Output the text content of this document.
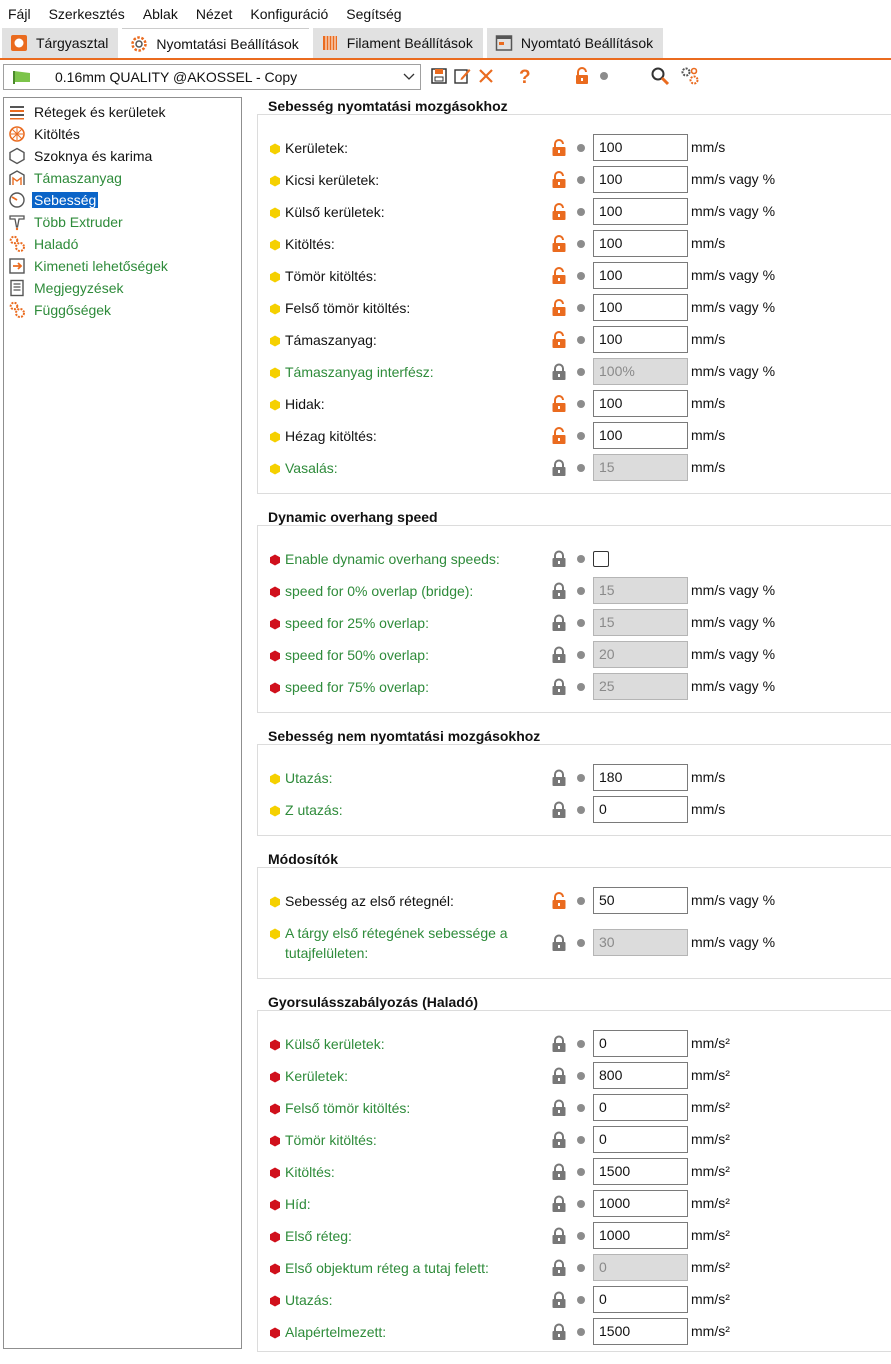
Fájl Szerkesztés Ablak Nézet Konfiguráció Segítség
Tárgyasztal	Nyomtatási Beállítások	Filament Beállítások	Nyomtató Beállítások
0.16mm QUALITY @AKOSSEL - Copy	?
Rétegek és kerületek
Kitöltés
Szoknya és karima
Támaszanyag
Sebesség
Több Extruder
Haladó
Kimeneti lehetőségek
Megjegyzések
Függőségek
Sebesség nyomtatási mozgásokhoz
Kerületek:	100	mm/s
Kicsi kerületek:	100	mm/s vagy %
Külső kerületek:	100	mm/s vagy %
Kitöltés:	100	mm/s
Tömör kitöltés:	100	mm/s vagy %
Felső tömör kitöltés:	100	mm/s vagy %
Támaszanyag:	100	mm/s
Támaszanyag interfész:	100%	mm/s vagy %
Hidak:	100	mm/s
Hézag kitöltés:	100	mm/s
Vasalás:	15	mm/s
Dynamic overhang speed
Enable dynamic overhang speeds:
speed for 0% overlap (bridge):	15	mm/s vagy %
speed for 25% overlap:	15	mm/s vagy %
speed for 50% overlap:	20	mm/s vagy %
speed for 75% overlap:	25	mm/s vagy %
Sebesség nem nyomtatási mozgásokhoz
Utazás:	180	mm/s
Z utazás:	0	mm/s
Módosítók
Sebesség az első rétegnél:	50	mm/s vagy %
A tárgy első rétegének sebessége a
tutajfelületen:
30	mm/s vagy %
Gyorsulásszabályozás (Haladó)
Külső kerületek:	0	mm/s²
Kerületek:	800	mm/s²
Felső tömör kitöltés:	0	mm/s²
Tömör kitöltés:	0	mm/s²
Kitöltés:	1500	mm/s²
Híd:	1000	mm/s²
Első réteg:	1000	mm/s²
Első objektum réteg a tutaj felett:	0	mm/s²
Utazás:	0	mm/s²
Alapértelmezett:	1500	mm/s²
